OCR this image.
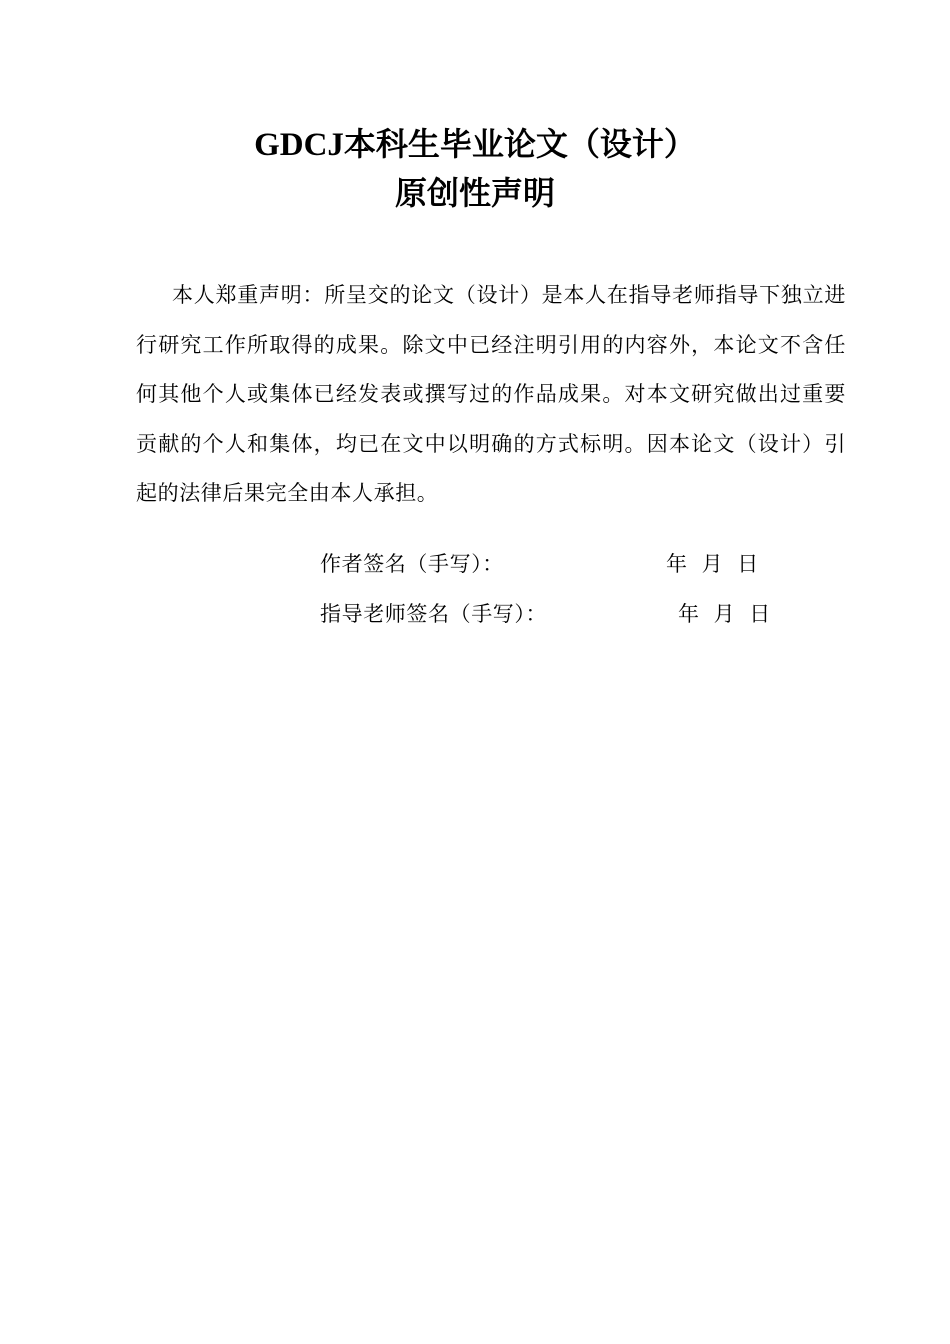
GDCJ本科生毕业论文（设计）
原创性声明

本人郑重声明：所呈交的论文（设计）是本人在指导老师指导下独立进行研究工作所取得的成果。除文中已经注明引用的内容外，本论文不含任何其他个人或集体已经发表或撰写过的作品成果。对本文研究做出过重要贡献的个人和集体，均已在文中以明确的方式标明。因本论文（设计）引起的法律后果完全由本人承担。

作者签名（手写）：	年 月 日
指导老师签名（手写）：	年 月 日
